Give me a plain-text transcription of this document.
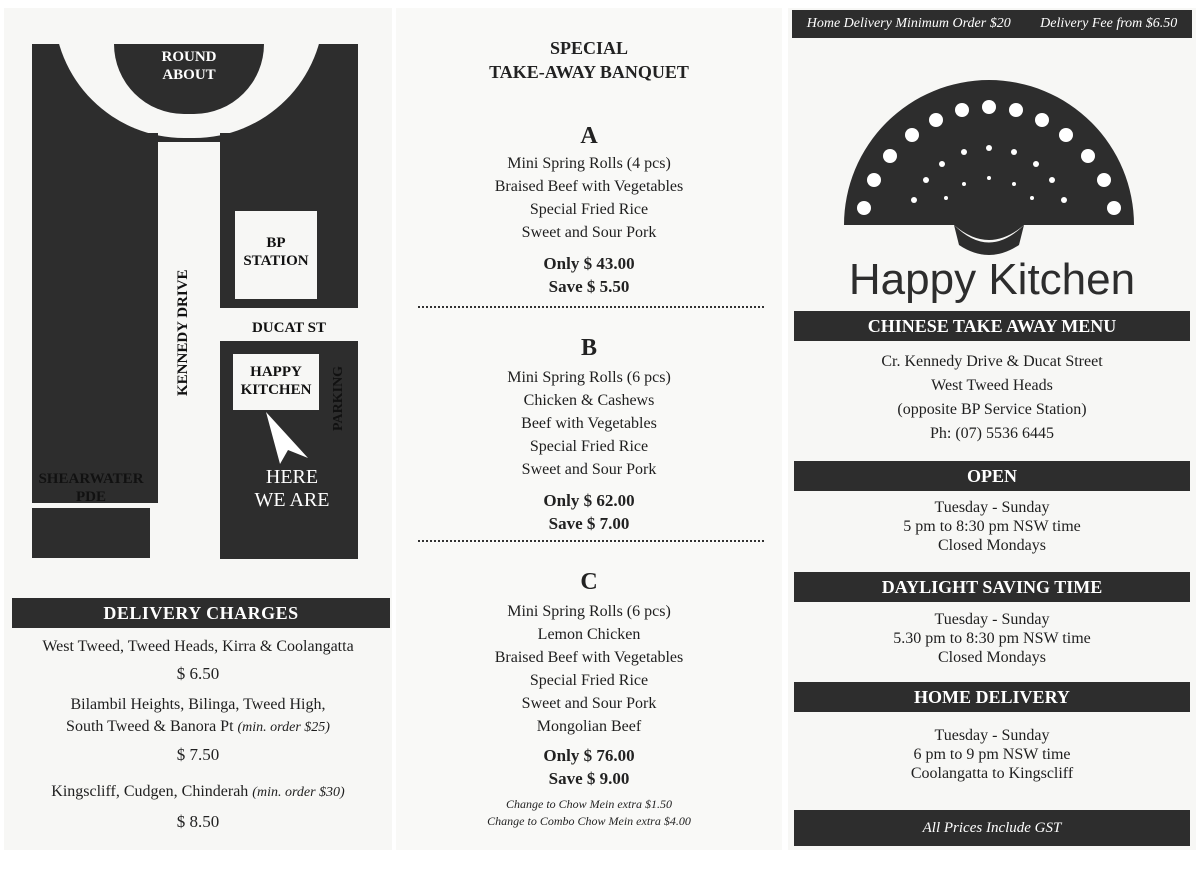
ROUND
ABOUT
BP
STATION
DUCAT ST
HAPPY
KITCHEN	PARKING
HERE
WE ARE
KENNEDY DRIVE
SHEARWATER
PDE
DELIVERY CHARGES
West Tweed, Tweed Heads, Kirra & Coolangatta
$ 6.50
Bilambil Heights, Bilinga, Tweed High,
South Tweed & Banora Pt (min. order $25)
$ 7.50
Kingscliff, Cudgen, Chinderah (min. order $30)
$ 8.50
SPECIAL
TAKE-AWAY BANQUET
A
Mini Spring Rolls (4 pcs)
Braised Beef with Vegetables
Special Fried Rice
Sweet and Sour Pork
Only $ 43.00
Save $ 5.50
B
Mini Spring Rolls (6 pcs)
Chicken & Cashews
Beef with Vegetables
Special Fried Rice
Sweet and Sour Pork
Only $ 62.00
Save $ 7.00
C
Mini Spring Rolls (6 pcs)
Lemon Chicken
Braised Beef with Vegetables
Special Fried Rice
Sweet and Sour Pork
Mongolian Beef
Only $ 76.00
Save $ 9.00
Change to Chow Mein extra $1.50
Change to Combo Chow Mein extra $4.00
Home Delivery Minimum Order $20 Delivery Fee from $6.50
Happy Kitchen
CHINESE TAKE AWAY MENU
Cr. Kennedy Drive & Ducat Street
West Tweed Heads
(opposite BP Service Station)
Ph: (07) 5536 6445
OPEN
Tuesday - Sunday
5 pm to 8:30 pm NSW time
Closed Mondays
DAYLIGHT SAVING TIME
Tuesday - Sunday
5.30 pm to 8:30 pm NSW time
Closed Mondays
HOME DELIVERY
Tuesday - Sunday
6 pm to 9 pm NSW time
Coolangatta to Kingscliff
All Prices Include GST
